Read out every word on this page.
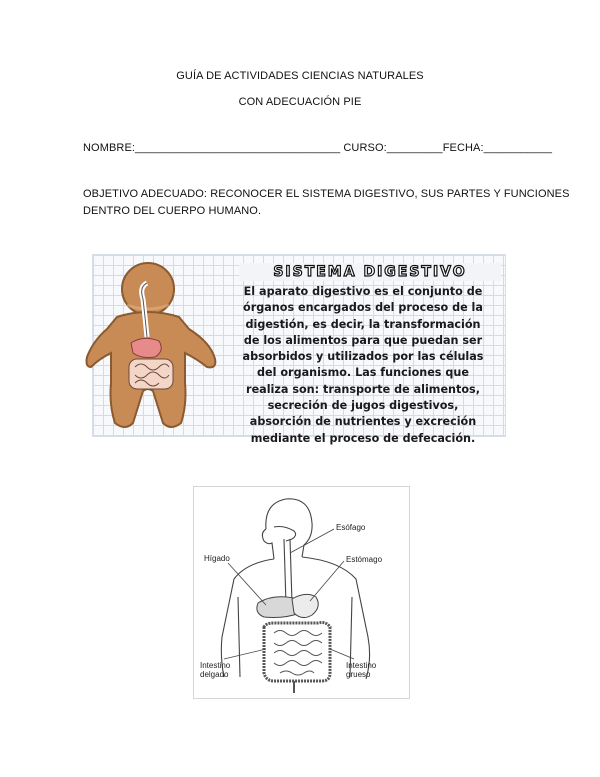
GUÍA DE ACTIVIDADES CIENCIAS NATURALES
CON ADECUACIÓN PIE
NOMBRE:_________________________________ CURSO:_________FECHA:___________
OBJETIVO ADECUADO: RECONOCER EL SISTEMA DIGESTIVO, SUS PARTES Y FUNCIONES
DENTRO DEL CUERPO HUMANO.
SISTEMA DIGESTIVO
El aparato digestivo es el conjunto de
órganos encargados del proceso de la
digestión, es decir, la transformación
de los alimentos para que puedan ser
absorbidos y utilizados por las células
del organismo. Las funciones que
realiza son: transporte de alimentos,
secreción de jugos digestivos,
absorción de nutrientes y excreción
mediante el proceso de defecación.
Esófago
Estómago
Hígado
Intestino
delgado
Intestino
grueso
